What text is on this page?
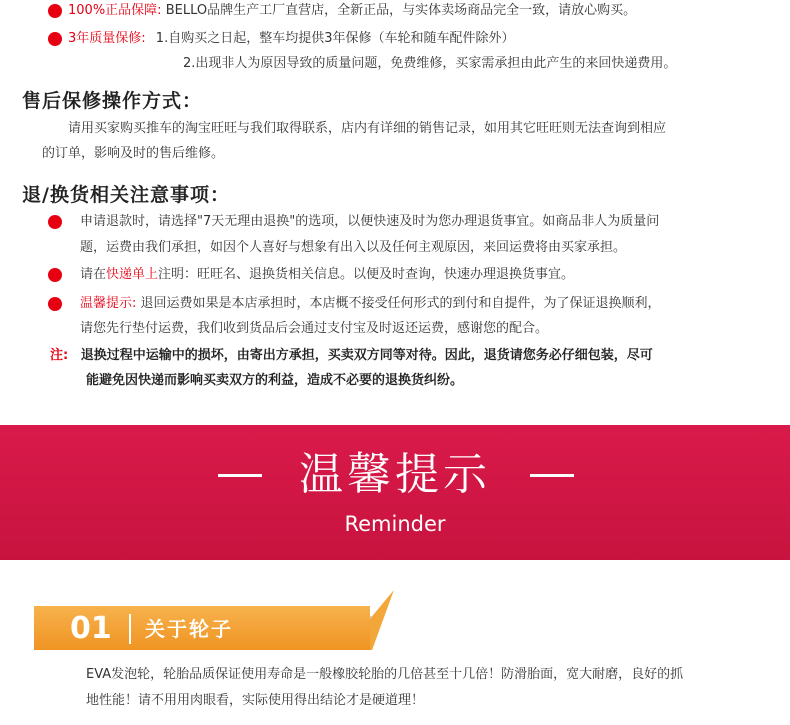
100%正品保障: BELLO品牌生产工厂直营店，全新正品，与实体卖场商品完全一致，请放心购买。
3年质量保修: 1.自购买之日起，整车均提供3年保修（车轮和随车配件除外）
2.出现非人为原因导致的质量问题，免费维修，买家需承担由此产生的来回快递费用。
售后保修操作方式：
请用买家购买推车的淘宝旺旺与我们取得联系，店内有详细的销售记录，如用其它旺旺则无法查询到相应
的订单，影响及时的售后维修。
退/换货相关注意事项：
申请退款时，请选择"7天无理由退换"的选项，以便快速及时为您办理退货事宜。如商品非人为质量问
题，运费由我们承担，如因个人喜好与想象有出入以及任何主观原因，来回运费将由买家承担。
请在快递单上注明：旺旺名、退换货相关信息。以便及时查询，快速办理退换货事宜。
温馨提示: 退回运费如果是本店承担时，本店概不接受任何形式的到付和自提件，为了保证退换顺利，
请您先行垫付运费，我们收到货品后会通过支付宝及时返还运费，感谢您的配合。
注: 退换过程中运输中的损坏，由寄出方承担，买卖双方同等对待。因此，退货请您务必仔细包装，尽可
能避免因快递而影响买卖双方的利益，造成不必要的退换货纠纷。
温馨提示
Reminder
01 关于轮子
EVA发泡轮，轮胎品质保证使用寿命是一般橡胶轮胎的几倍甚至十几倍！防滑胎面，宽大耐磨，良好的抓
地性能！请不用用肉眼看，实际使用得出结论才是硬道理！
